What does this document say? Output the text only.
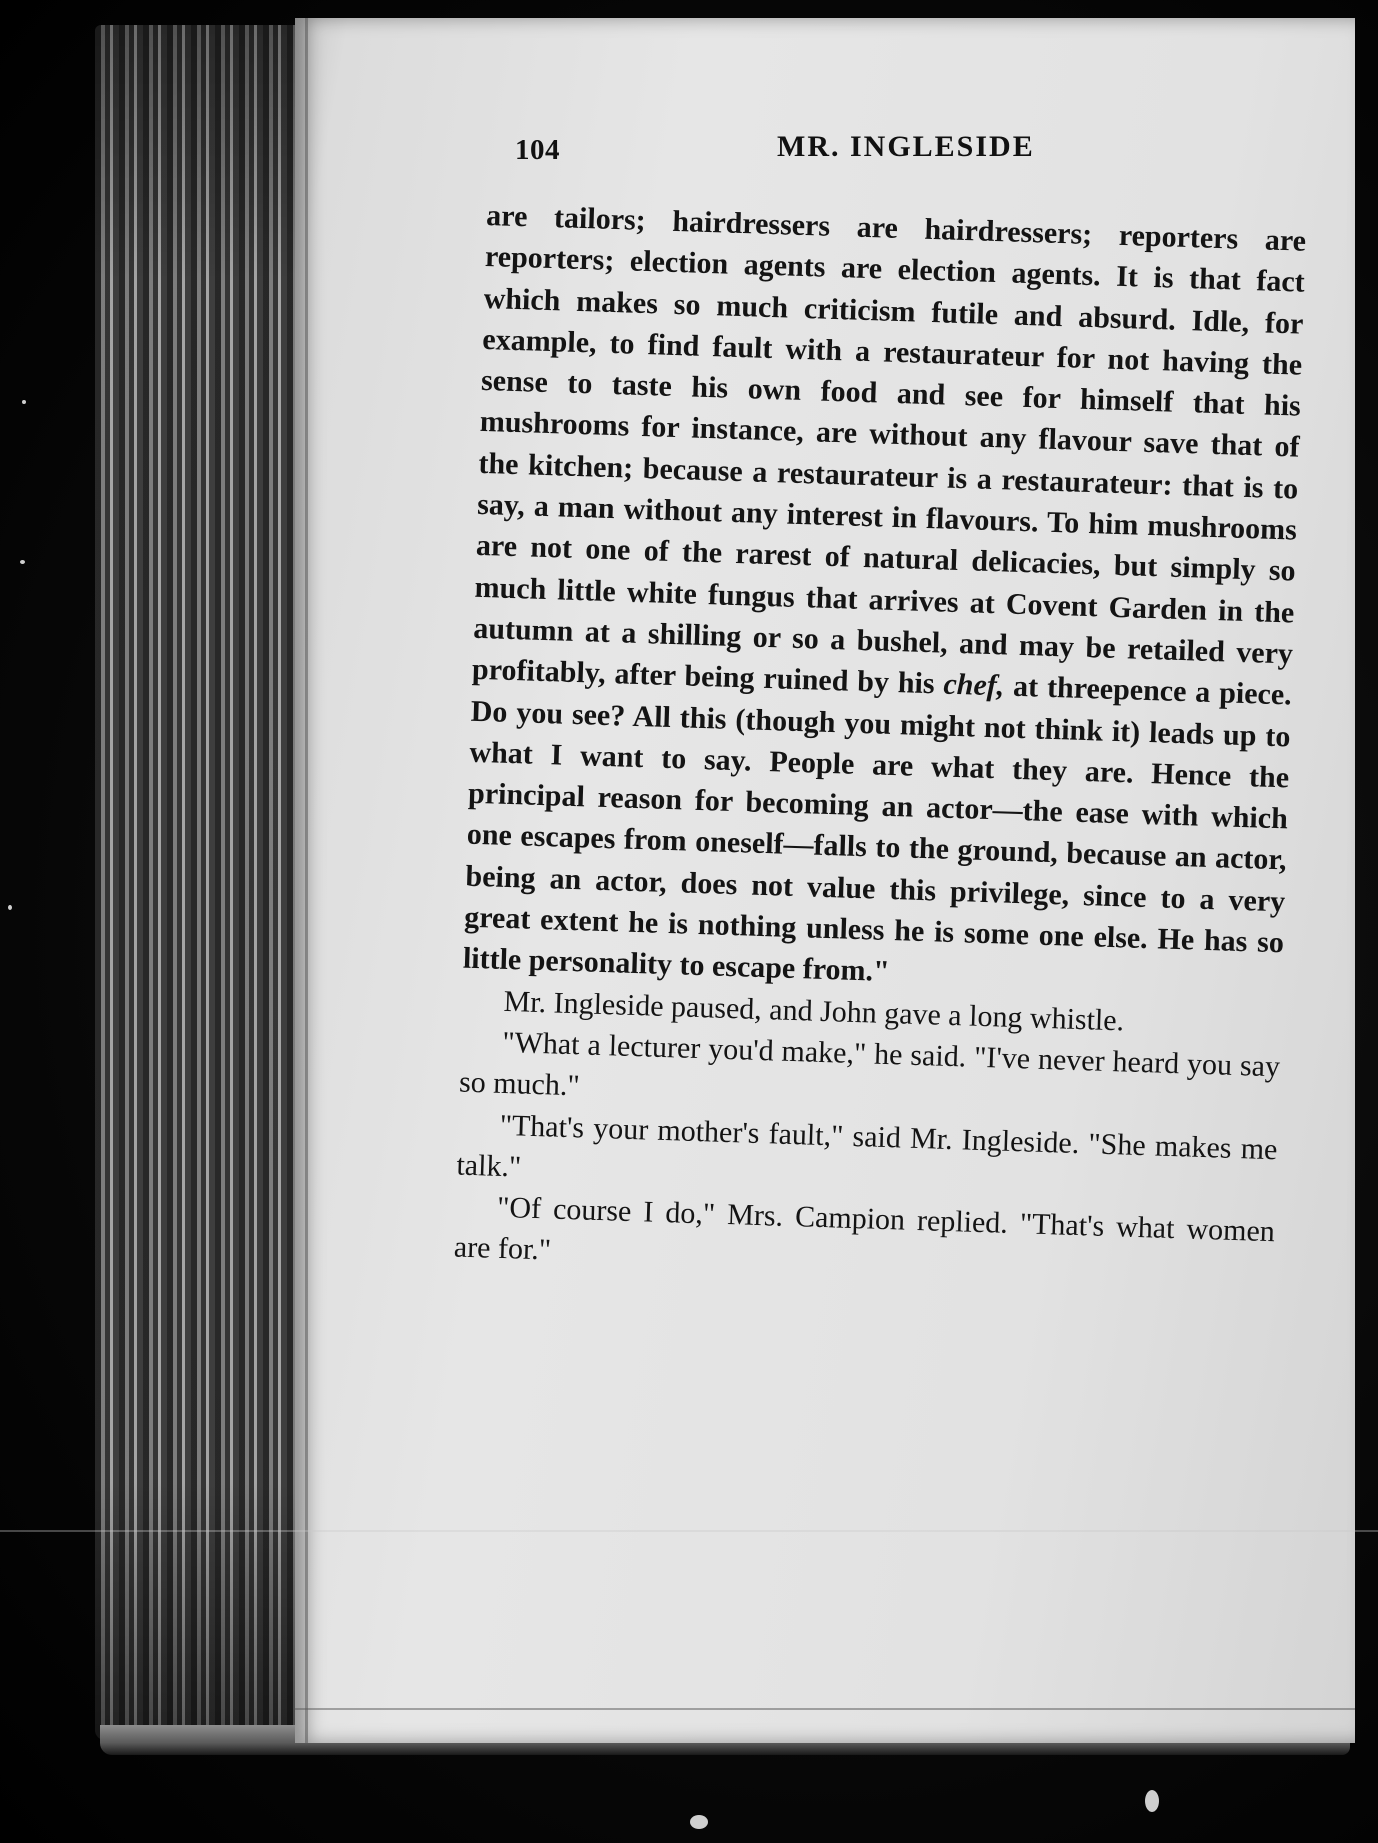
104	MR. INGLESIDE

are tailors; hairdressers are hairdressers; reporters are reporters; election agents are election agents. It is that fact which makes so much criticism futile and absurd. Idle, for example, to find fault with a restaurateur for not having the sense to taste his own food and see for himself that his mushrooms for instance, are without any flavour save that of the kitchen; because a restaurateur is a restaurateur: that is to say, a man without any interest in flavours. To him mushrooms are not one of the rarest of natural delicacies, but simply so much little white fungus that arrives at Covent Garden in the autumn at a shilling or so a bushel, and may be retailed very profitably, after being ruined by his chef, at threepence a piece. Do you see? All this (though you might not think it) leads up to what I want to say. People are what they are. Hence the principal reason for becoming an actor—the ease with which one escapes from oneself—falls to the ground, because an actor, being an actor, does not value this privilege, since to a very great extent he is nothing unless he is some one else. He has so little personality to escape from."

Mr. Ingleside paused, and John gave a long whistle.

"What a lecturer you'd make," he said. "I've never heard you say so much."

"That's your mother's fault," said Mr. Ingleside. "She makes me talk."

"Of course I do," Mrs. Campion replied. "That's what women are for."
